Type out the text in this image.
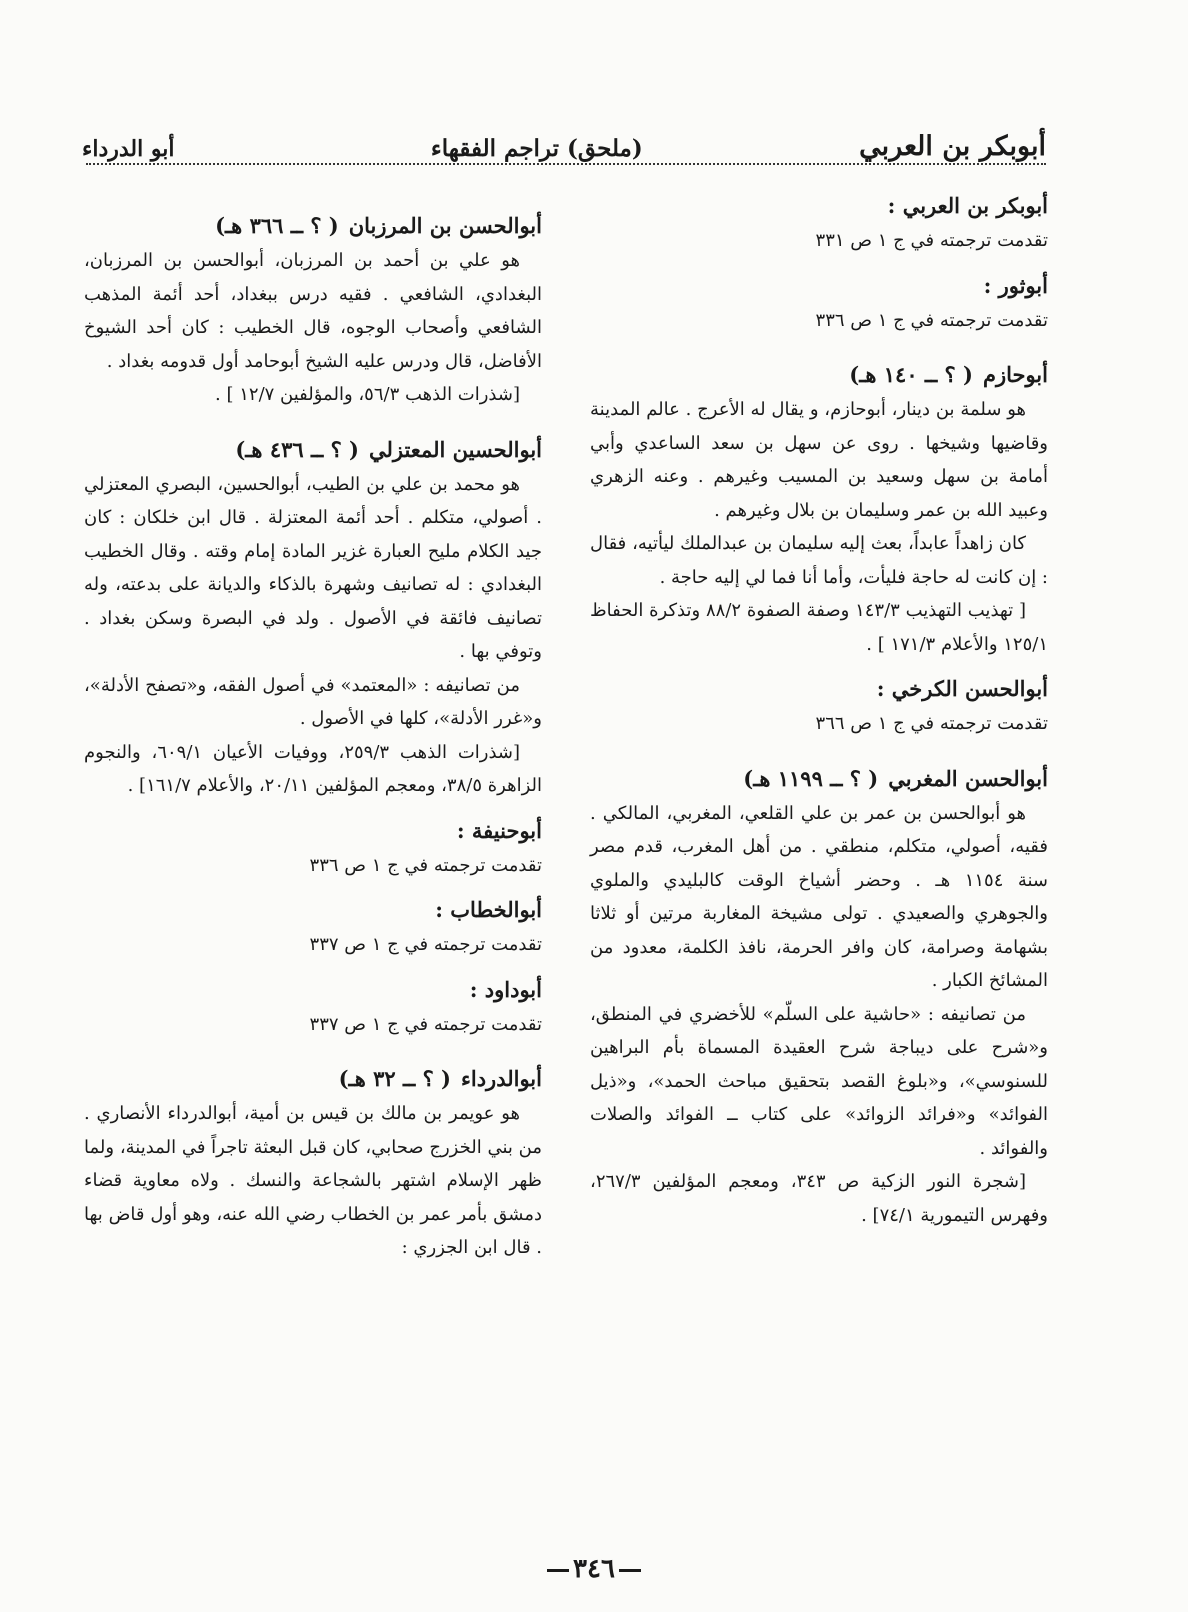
أبوبكر بن العربي
(ملحق) تراجم الفقهاء
أبو الدرداء
أبوبكر بن العربي :

تقدمت ترجمته في ج ١ ص ٣٣١

أبوثور :

تقدمت ترجمته في ج ١ ص ٣٣٦

أبوحازم( ؟ ــ ١٤٠ هـ)

هو سلمة بن دينار، أبوحازم، و يقال له الأعرج . عالم المدينة وقاضيها وشيخها . روى عن سهل بن سعد الساعدي وأبي أمامة بن سهل وسعيد بن المسيب وغيرهم . وعنه الزهري وعبيد الله بن عمر وسليمان بن بلال وغيرهم .

كان زاهداً عابداً، بعث إليه سليمان بن عبدالملك ليأتيه، فقال : إن كانت له حاجة فليأت، وأما أنا فما لي إليه حاجة .

[ تهذيب التهذيب ١٤٣/٣ وصفة الصفوة ٨٨/٢ وتذكرة الحفاظ ١٢٥/١ والأعلام ١٧١/٣ ] .

أبوالحسن الكرخي :

تقدمت ترجمته في ج ١ ص ٣٦٦

أبوالحسن المغربي( ؟ ــ ١١٩٩ هـ)

هو أبوالحسن بن عمر بن علي القلعي، المغربي، المالكي . فقيه، أصولي، متكلم، منطقي . من أهل المغرب، قدم مصر سنة ١١٥٤ هـ . وحضر أشياخ الوقت كالبليدي والملوي والجوهري والصعيدي . تولى مشيخة المغاربة مرتين أو ثلاثا بشهامة وصرامة، كان وافر الحرمة، نافذ الكلمة، معدود من المشائخ الكبار .

من تصانيفه : «حاشية على السلّم» للأخضري في المنطق، و«شرح على ديباجة شرح العقيدة المسماة بأم البراهين للسنوسي»، و«بلوغ القصد بتحقيق مباحث الحمد»، و«ذيل الفوائد» و«فرائد الزوائد» على كتاب ــ الفوائد والصلات والفوائد .

[شجرة النور الزكية ص ٣٤٣، ومعجم المؤلفين ٢٦٧/٣، وفهرس التيمورية ٧٤/١] .

أبوالحسن بن المرزبان( ؟ ــ ٣٦٦ هـ)

هو علي بن أحمد بن المرزبان، أبوالحسن بن المرزبان، البغدادي، الشافعي . فقيه درس ببغداد، أحد أئمة المذهب الشافعي وأصحاب الوجوه، قال الخطيب : كان أحد الشيوخ الأفاضل، قال ودرس عليه الشيخ أبوحامد أول قدومه بغداد .

[شذرات الذهب ٥٦/٣، والمؤلفين ١٢/٧ ] .

أبوالحسين المعتزلي( ؟ ــ ٤٣٦ هـ)

هو محمد بن علي بن الطيب، أبوالحسين، البصري المعتزلي . أصولي، متكلم . أحد أئمة المعتزلة . قال ابن خلكان : كان جيد الكلام مليح العبارة غزير المادة إمام وقته . وقال الخطيب البغدادي : له تصانيف وشهرة بالذكاء والديانة على بدعته، وله تصانيف فائقة في الأصول . ولد في البصرة وسكن بغداد . وتوفي بها .

من تصانيفه : «المعتمد» في أصول الفقه، و«تصفح الأدلة»، و«غرر الأدلة»، كلها في الأصول .

[شذرات الذهب ٢٥٩/٣، ووفيات الأعيان ٦٠٩/١، والنجوم الزاهرة ٣٨/٥، ومعجم المؤلفين ٢٠/١١، والأعلام ١٦١/٧] .

أبوحنيفة :

تقدمت ترجمته في ج ١ ص ٣٣٦

أبوالخطاب :

تقدمت ترجمته في ج ١ ص ٣٣٧

أبوداود :

تقدمت ترجمته في ج ١ ص ٣٣٧

أبوالدرداء( ؟ ــ ٣٢ هـ)

هو عويمر بن مالك بن قيس بن أمية، أبوالدرداء الأنصاري . من بني الخزرج صحابي، كان قبل البعثة تاجراً في المدينة، ولما ظهر الإسلام اشتهر بالشجاعة والنسك . ولاه معاوية قضاء دمشق بأمر عمر بن الخطاب رضي الله عنه، وهو أول قاض بها . قال ابن الجزري :

٣٤٦
